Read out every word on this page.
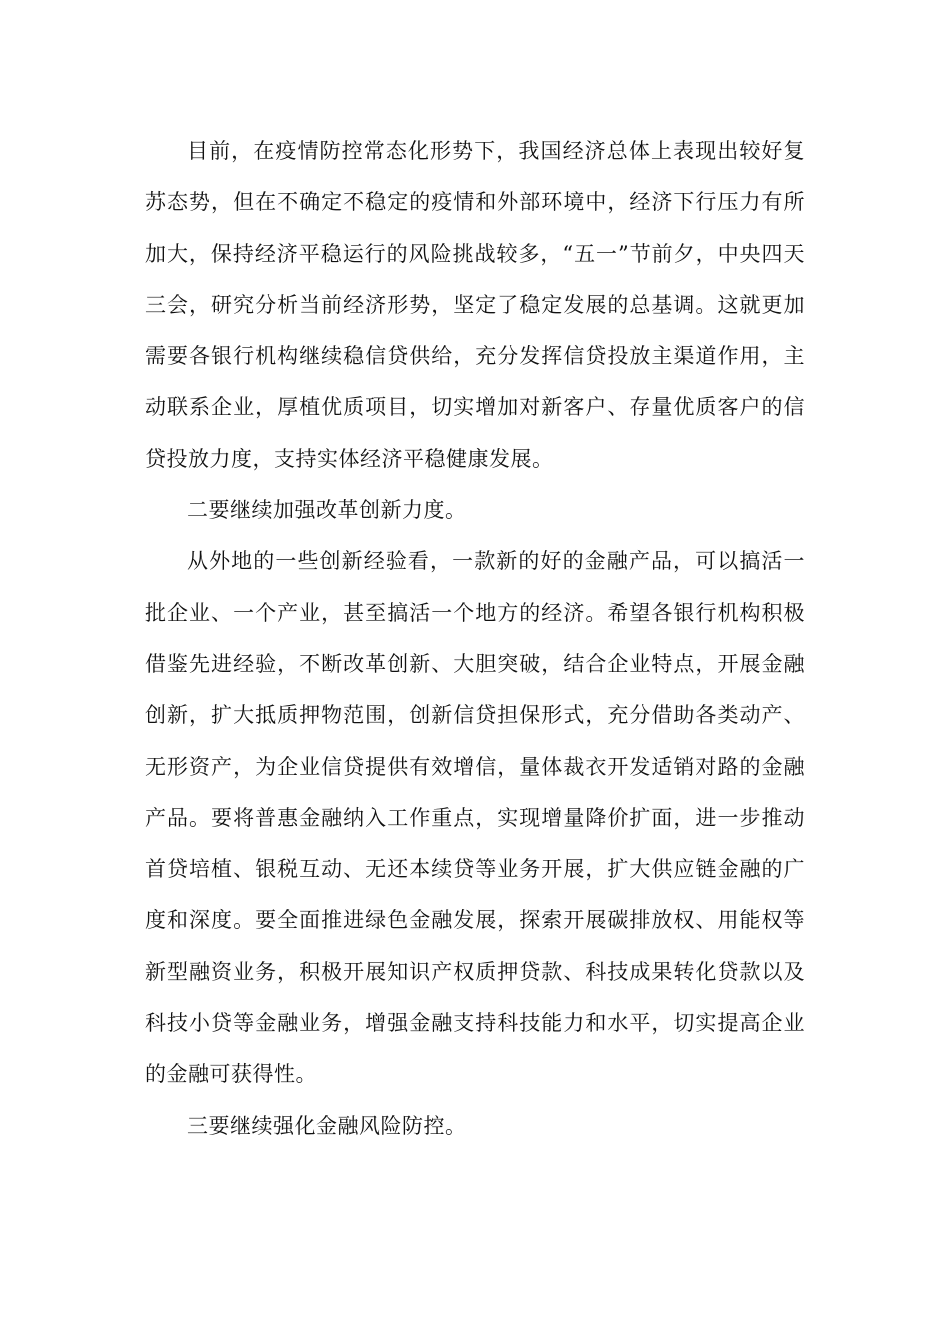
目前，在疫情防控常态化形势下，我国经济总体上表现出较好复苏态势，但在不确定不稳定的疫情和外部环境中，经济下行压力有所加大，保持经济平稳运行的风险挑战较多，“五一”节前夕，中央四天三会，研究分析当前经济形势，坚定了稳定发展的总基调。这就更加需要各银行机构继续稳信贷供给，充分发挥信贷投放主渠道作用，主动联系企业，厚植优质项目，切实增加对新客户、存量优质客户的信贷投放力度，支持实体经济平稳健康发展。

二要继续加强改革创新力度。

从外地的一些创新经验看，一款新的好的金融产品，可以搞活一批企业、一个产业，甚至搞活一个地方的经济。希望各银行机构积极借鉴先进经验，不断改革创新、大胆突破，结合企业特点，开展金融创新，扩大抵质押物范围，创新信贷担保形式，充分借助各类动产、无形资产，为企业信贷提供有效增信，量体裁衣开发适销对路的金融产品。要将普惠金融纳入工作重点，实现增量降价扩面，进一步推动首贷培植、银税互动、无还本续贷等业务开展，扩大供应链金融的广度和深度。要全面推进绿色金融发展，探索开展碳排放权、用能权等新型融资业务，积极开展知识产权质押贷款、科技成果转化贷款以及科技小贷等金融业务，增强金融支持科技能力和水平，切实提高企业的金融可获得性。

三要继续强化金融风险防控。
